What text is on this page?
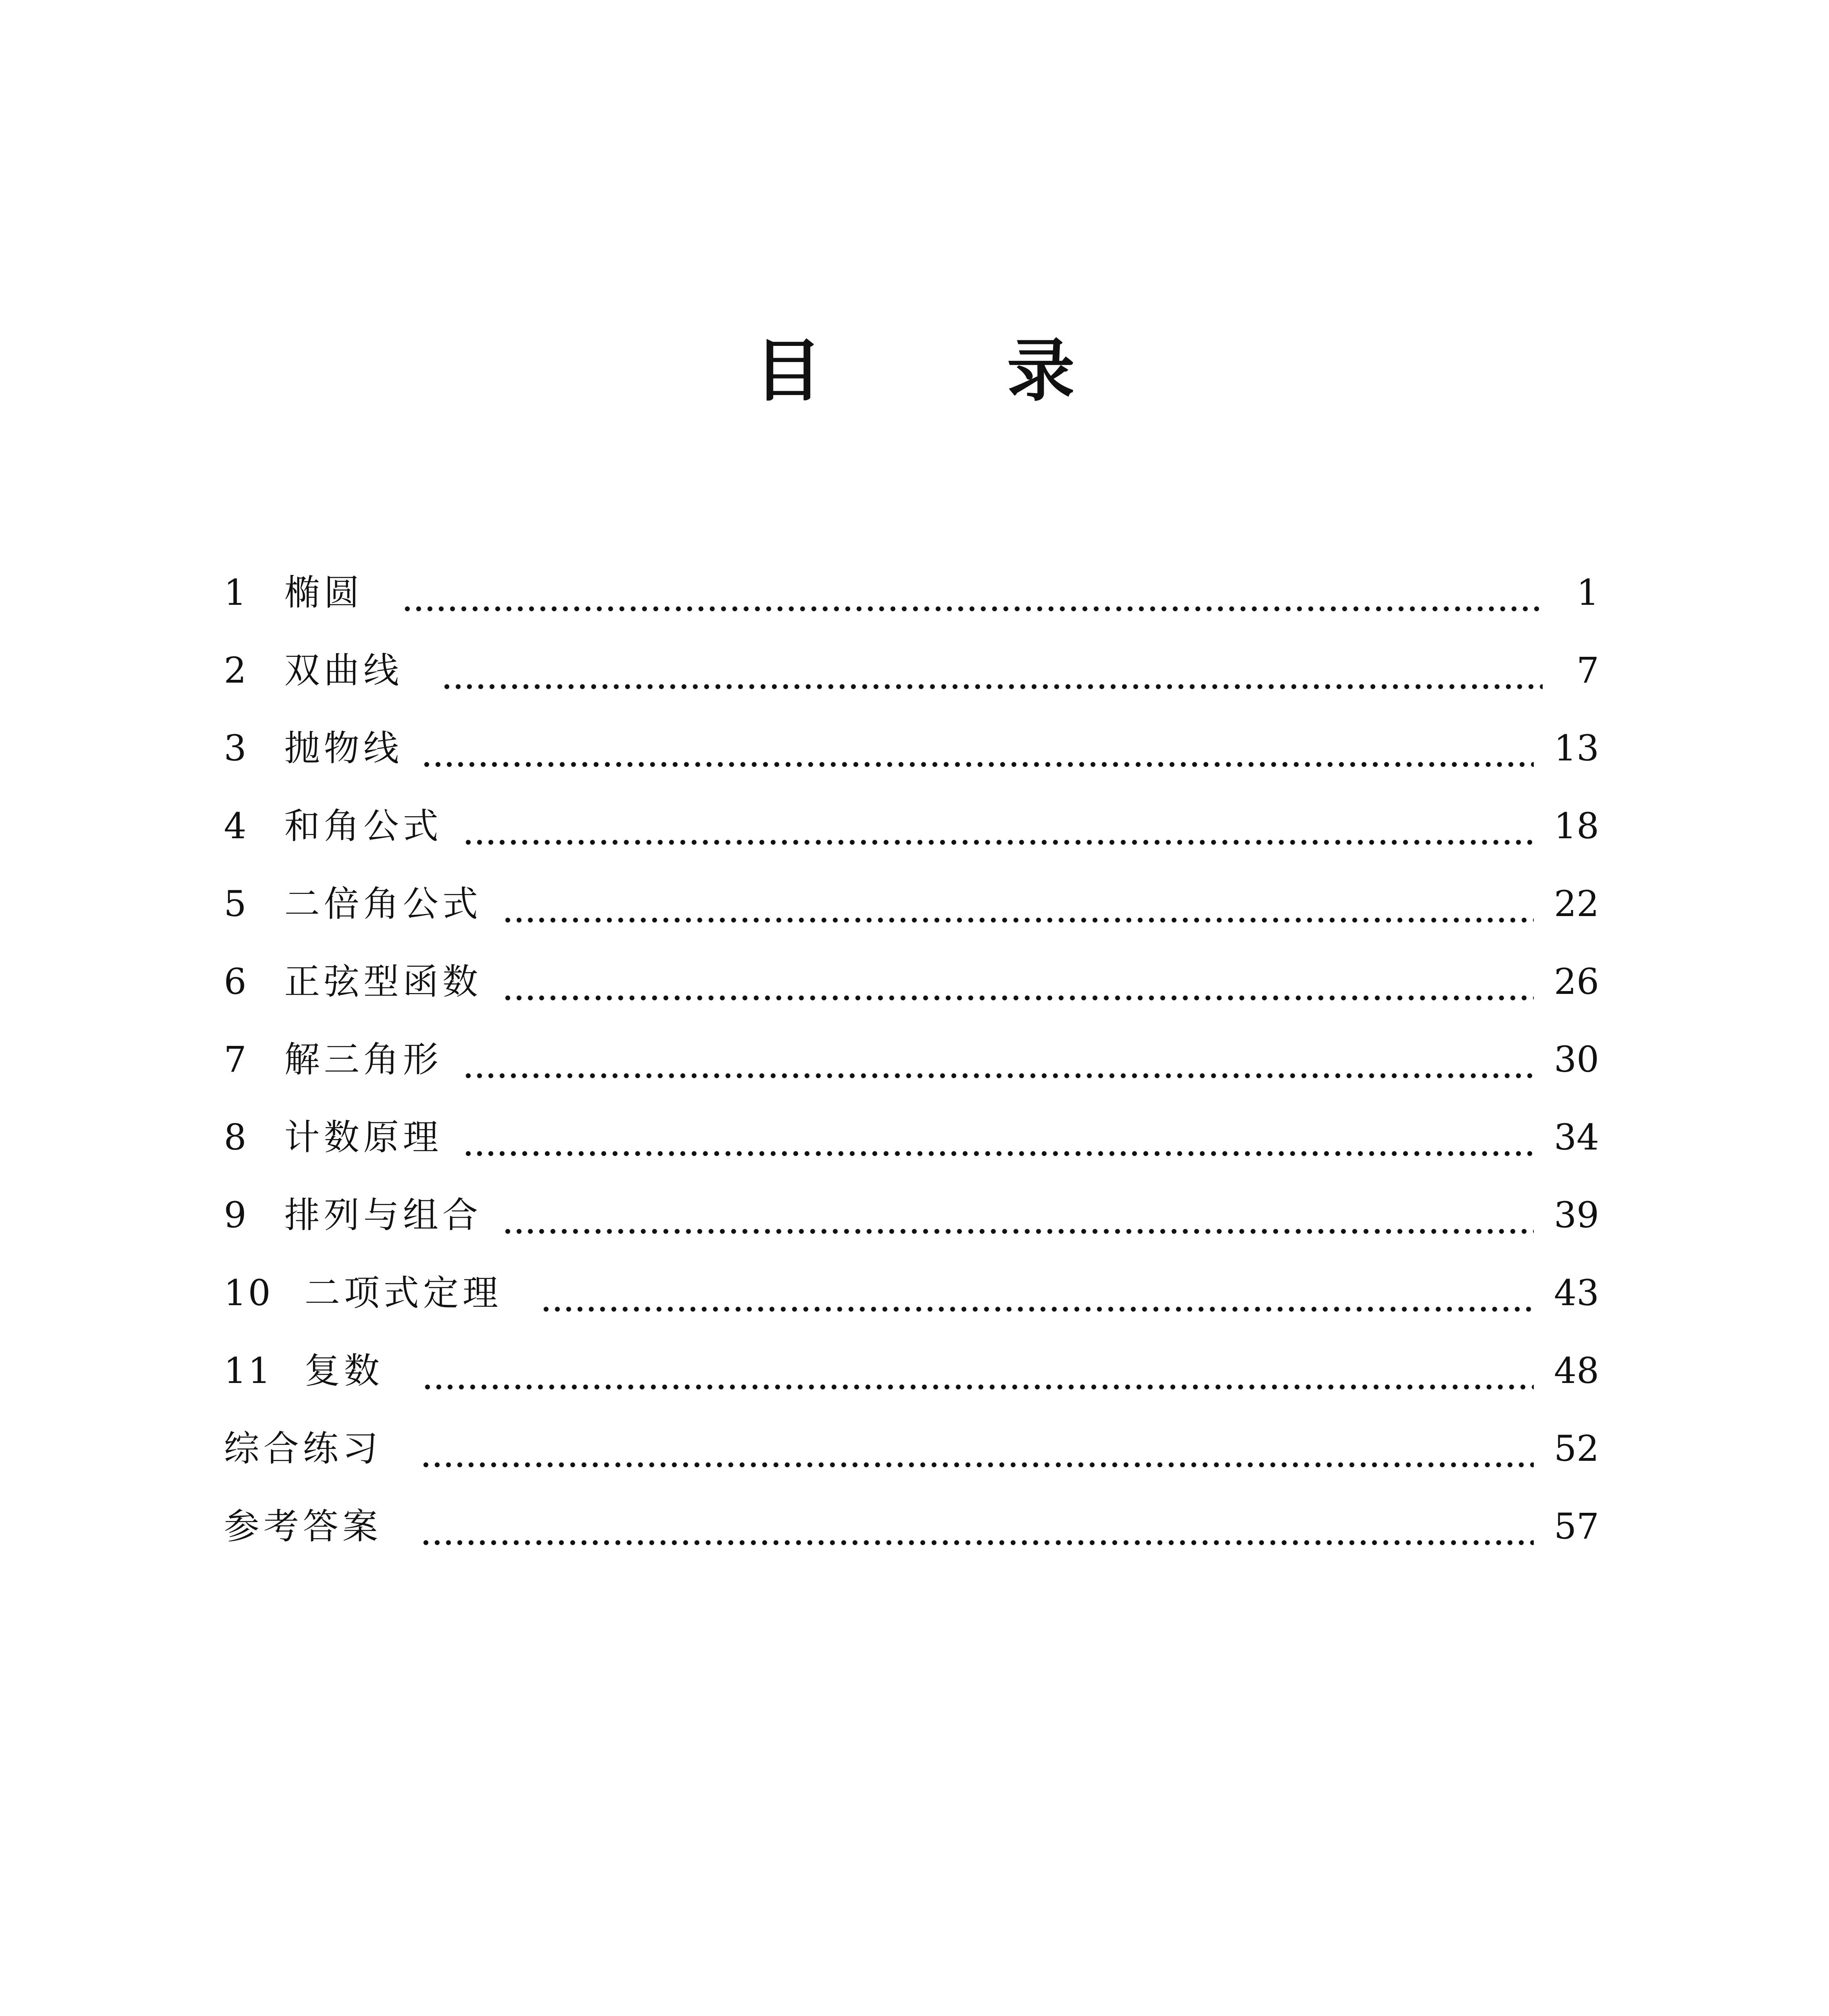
目 录
1	椭圆	1
2	双曲线	7
3	抛物线	13
4	和角公式	18
5	二倍角公式	22
6	正弦型函数	26
7	解三角形	30
8	计数原理	34
9	排列与组合	39
10 二项式定理	43
11 复数	48
综合练习	52
参考答案	57
